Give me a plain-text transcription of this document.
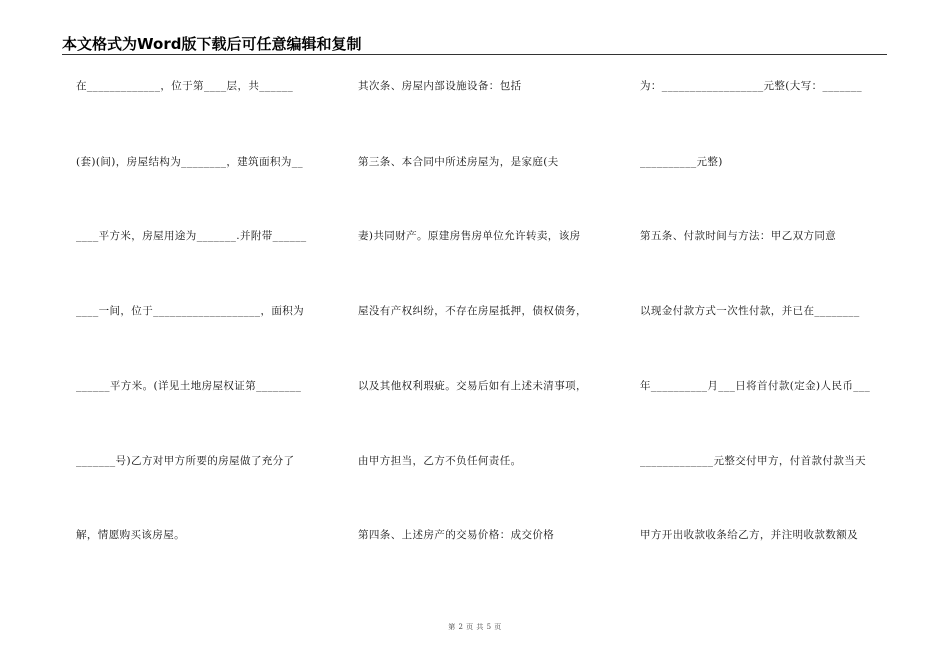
本文格式为Word版下载后可任意编辑和复制
在_____________，位于第____层，共______
(套)(间)，房屋结构为________，建筑面积为__
____平方米，房屋用途为_______.并附带______
____一间，位于___________________，面积为
______平方米。(详见土地房屋权证第________
_______号)乙方对甲方所要的房屋做了充分了
解，情愿购买该房屋。
其次条、房屋内部设施设备：包括
第三条、本合同中所述房屋为，是家庭(夫
妻)共同财产。原建房售房单位允许转卖，该房
屋没有产权纠纷，不存在房屋抵押，债权债务，
以及其他权利瑕疵。交易后如有上述未清事项，
由甲方担当，乙方不负任何责任。
第四条、上述房产的交易价格：成交价格
为：__________________元整(大写：_______
__________元整)
第五条、付款时间与方法：甲乙双方同意
以现金付款方式一次性付款，并已在________
年__________月___日将首付款(定金)人民币___
_____________元整交付甲方，付首款付款当天
甲方开出收款收条给乙方，并注明收款数额及
第 2 页 共 5 页
